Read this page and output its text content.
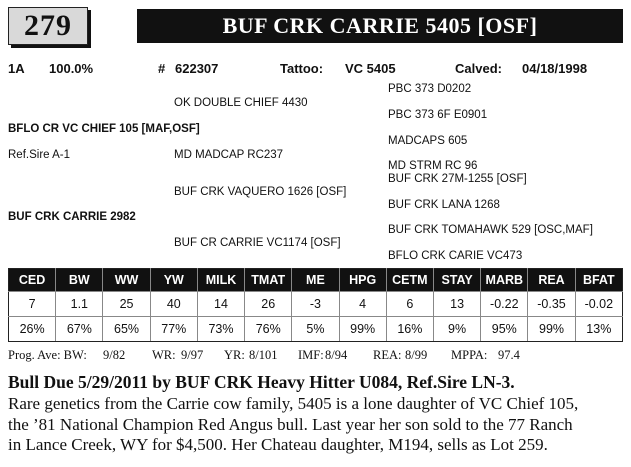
279	BUF CRK CARRIE 5405 [OSF]
1A 100.0%	# 622307	Tattoo: VC 5405	Calved: 04/18/1998
PBC 373 D0202
OK DOUBLE CHIEF 4430
PBC 373 6F E0901
BFLO CR VC CHIEF 105 [MAF,OSF]
MADCAPS 605
Ref.Sire A-1	MD MADCAP RC237
MD STRM RC 96
BUF CRK 27M-1255 [OSF]
BUF CRK VAQUERO 1626 [OSF]
BUF CRK LANA 1268
BUF CRK CARRIE 2982
BUF CRK TOMAHAWK 529 [OSC,MAF]
BUF CR CARRIE VC1174 [OSF]
BFLO CRK CARIE VC473
CED	BW	WW	YW	MILK	TMAT	ME	HPG	CETM	STAY	MARB	REA	BFAT
7	1.1	25	40	14	26	-3	4	6	13	-0.22	-0.35	-0.02
26%	67%	65%	77%	73%	76%	5%	99%	16%	9%	95%	99%	13%
Prog. Ave: BW: 9/82 WR: 9/97 YR: 8/101 IMF: 8/94 REA: 8/99 MPPA: 97.4
Bull Due 5/29/2011 by BUF CRK Heavy Hitter U084, Ref.Sire LN-3.
Rare genetics from the Carrie cow family, 5405 is a lone daughter of VC Chief 105,
the ’81 National Champion Red Angus bull. Last year her son sold to the 77 Ranch
in Lance Creek, WY for $4,500. Her Chateau daughter, M194, sells as Lot 259.
